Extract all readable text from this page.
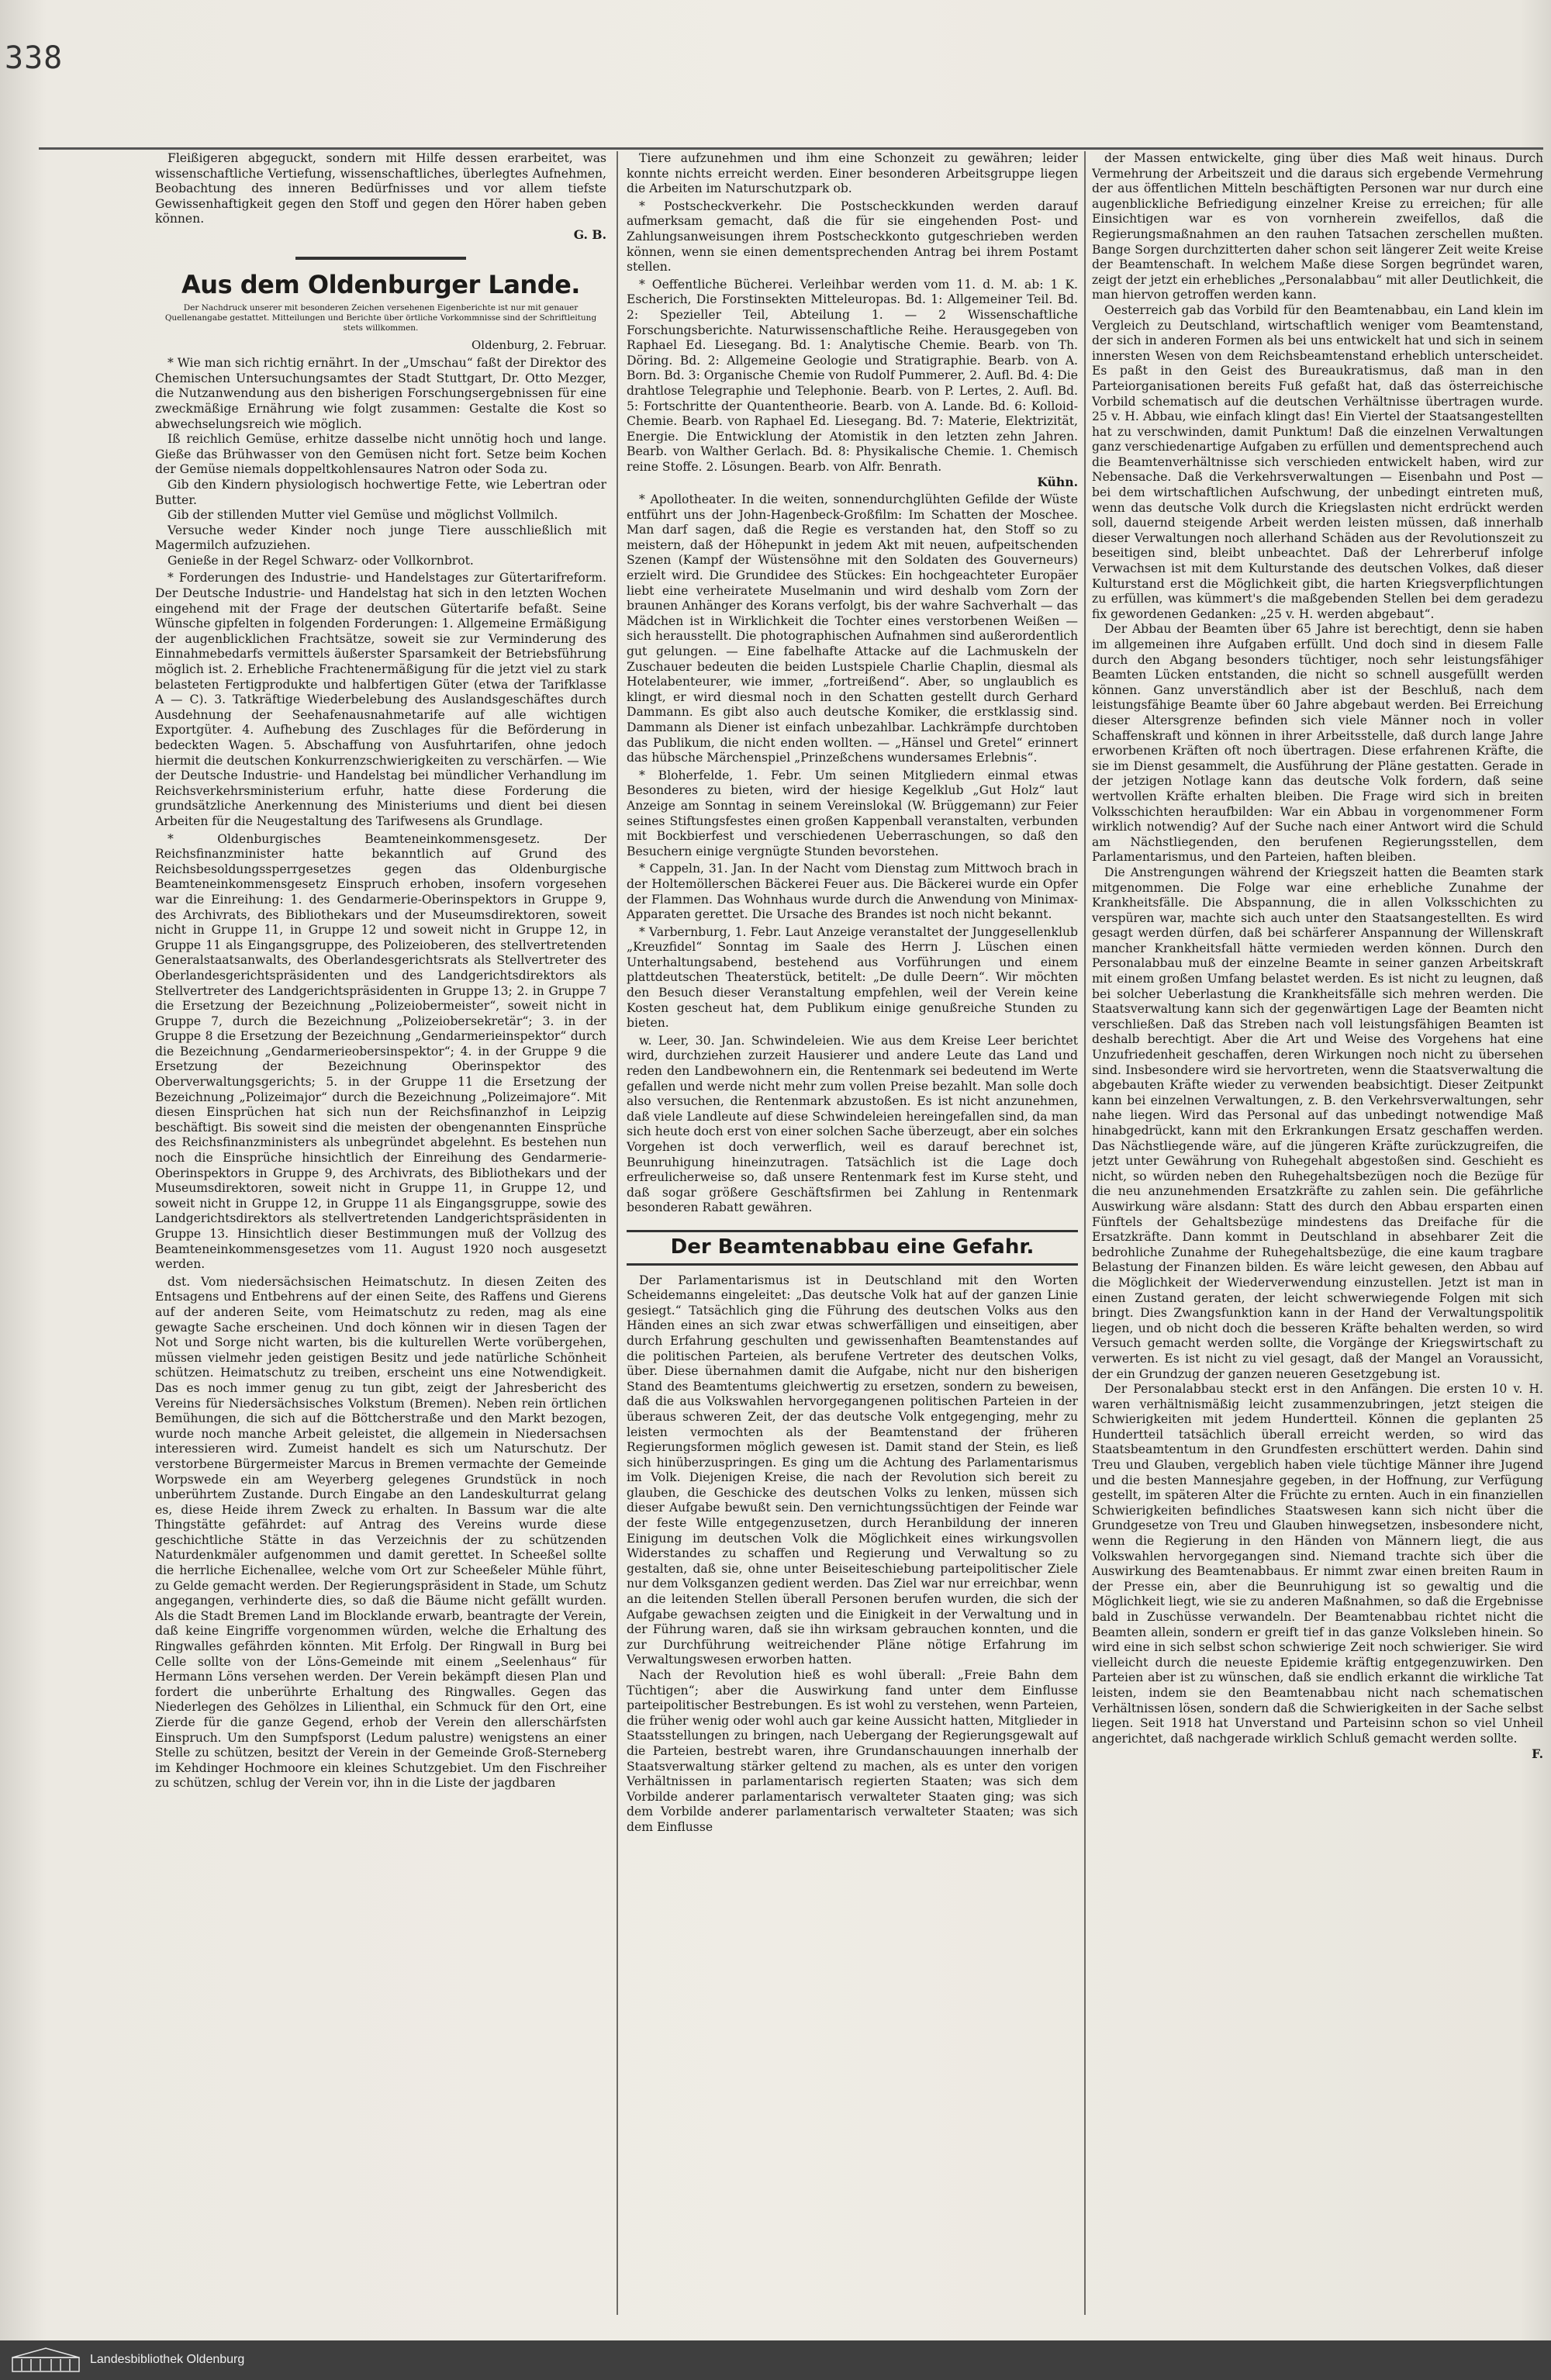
338

Fleißigeren abgeguckt, sondern mit Hilfe dessen erarbeitet, was wissenschaftliche Vertiefung, wissenschaftliches, überlegtes Aufnehmen, Beobachtung des inneren Bedürfnisses und vor allem tiefste Gewissenhaftigkeit gegen den Stoff und gegen den Hörer haben geben können.

G. B.
Aus dem Oldenburger Lande.
Der Nachdruck unserer mit besonderen Zeichen versehenen Eigenberichte ist nur mit genauer Quellenangabe gestattet. Mitteilungen und Berichte über örtliche Vorkommnisse sind der Schriftleitung stets willkommen.
Oldenburg, 2. Februar.

* Wie man sich richtig ernährt. In der „Umschau“ faßt der Direktor des Chemischen Untersuchungsamtes der Stadt Stuttgart, Dr. Otto Mezger, die Nutzanwendung aus den bisherigen Forschungsergebnissen für eine zweckmäßige Ernährung wie folgt zusammen: Gestalte die Kost so abwechselungsreich wie möglich.

Iß reichlich Gemüse, erhitze dasselbe nicht unnötig hoch und lange. Gieße das Brühwasser von den Gemüsen nicht fort. Setze beim Kochen der Gemüse niemals doppeltkohlensaures Natron oder Soda zu.

Gib den Kindern physiologisch hochwertige Fette, wie Lebertran oder Butter.

Gib der stillenden Mutter viel Gemüse und möglichst Vollmilch.

Versuche weder Kinder noch junge Tiere ausschließlich mit Magermilch aufzuziehen.

Genieße in der Regel Schwarz- oder Vollkornbrot.

* Forderungen des Industrie- und Handelstages zur Gütertarifreform. Der Deutsche Industrie- und Handelstag hat sich in den letzten Wochen eingehend mit der Frage der deutschen Gütertarife befaßt. Seine Wünsche gipfelten in folgenden Forderungen: 1. Allgemeine Ermäßigung der augenblicklichen Frachtsätze, soweit sie zur Verminderung des Einnahmebedarfs vermittels äußerster Sparsamkeit der Betriebsführung möglich ist. 2. Erhebliche Frachtenermäßigung für die jetzt viel zu stark belasteten Fertigprodukte und halbfertigen Güter (etwa der Tarifklasse A — C). 3. Tatkräftige Wiederbelebung des Auslandsgeschäftes durch Ausdehnung der Seehafenausnahmetarife auf alle wichtigen Exportgüter. 4. Aufhebung des Zuschlages für die Beförderung in bedeckten Wagen. 5. Abschaffung von Ausfuhrtarifen, ohne jedoch hiermit die deutschen Konkurrenzschwierigkeiten zu verschärfen. — Wie der Deutsche Industrie- und Handelstag bei mündlicher Verhandlung im Reichsverkehrsministerium erfuhr, hatte diese Forderung die grundsätzliche Anerkennung des Ministeriums und dient bei diesen Arbeiten für die Neugestaltung des Tarifwesens als Grundlage.

* Oldenburgisches Beamteneinkommensgesetz. Der Reichsfinanzminister hatte bekanntlich auf Grund des Reichsbesoldungssperrgesetzes gegen das Oldenburgische Beamteneinkommensgesetz Einspruch erhoben, insofern vorgesehen war die Einreihung: 1. des Gendarmerie-Oberinspektors in Gruppe 9, des Archivrats, des Bibliothekars und der Museumsdirektoren, soweit nicht in Gruppe 11, in Gruppe 12 und soweit nicht in Gruppe 12, in Gruppe 11 als Eingangsgruppe, des Polizeioberen, des stellvertretenden Generalstaatsanwalts, des Oberlandesgerichtsrats als Stellvertreter des Oberlandesgerichtspräsidenten und des Landgerichtsdirektors als Stellvertreter des Landgerichtspräsidenten in Gruppe 13; 2. in Gruppe 7 die Ersetzung der Bezeichnung „Polizeiobermeister“, soweit nicht in Gruppe 7, durch die Bezeichnung „Polizeiobersekretär“; 3. in der Gruppe 8 die Ersetzung der Bezeichnung „Gendarmerieinspektor“ durch die Bezeichnung „Gendarmerieobersinspektor“; 4. in der Gruppe 9 die Ersetzung der Bezeichnung Oberinspektor des Oberverwaltungsgerichts; 5. in der Gruppe 11 die Ersetzung der Bezeichnung „Polizeimajor“ durch die Bezeichnung „Polizeimajore“. Mit diesen Einsprüchen hat sich nun der Reichsfinanzhof in Leipzig beschäftigt. Bis soweit sind die meisten der obengenannten Einsprüche des Reichsfinanzministers als unbegründet abgelehnt. Es bestehen nun noch die Einsprüche hinsichtlich der Einreihung des Gendarmerie-Oberinspektors in Gruppe 9, des Archivrats, des Bibliothekars und der Museumsdirektoren, soweit nicht in Gruppe 11, in Gruppe 12, und soweit nicht in Gruppe 12, in Gruppe 11 als Eingangsgruppe, sowie des Landgerichtsdirektors als stellvertretenden Landgerichtspräsidenten in Gruppe 13. Hinsichtlich dieser Bestimmungen muß der Vollzug des Beamteneinkommensgesetzes vom 11. August 1920 noch ausgesetzt werden.

dst. Vom niedersächsischen Heimatschutz. In diesen Zeiten des Entsagens und Entbehrens auf der einen Seite, des Raffens und Gierens auf der anderen Seite, vom Heimatschutz zu reden, mag als eine gewagte Sache erscheinen. Und doch können wir in diesen Tagen der Not und Sorge nicht warten, bis die kulturellen Werte vorübergehen, müssen vielmehr jeden geistigen Besitz und jede natürliche Schönheit schützen. Heimatschutz zu treiben, erscheint uns eine Notwendigkeit. Das es noch immer genug zu tun gibt, zeigt der Jahresbericht des Vereins für Niedersächsisches Volkstum (Bremen). Neben rein örtlichen Bemühungen, die sich auf die Böttcherstraße und den Markt bezogen, wurde noch manche Arbeit geleistet, die allgemein in Niedersachsen interessieren wird. Zumeist handelt es sich um Naturschutz. Der verstorbene Bürgermeister Marcus in Bremen vermachte der Gemeinde Worpswede ein am Weyerberg gelegenes Grundstück in noch unberührtem Zustande. Durch Eingabe an den Landeskulturrat gelang es, diese Heide ihrem Zweck zu erhalten. In Bassum war die alte Thingstätte gefährdet: auf Antrag des Vereins wurde diese geschichtliche Stätte in das Verzeichnis der zu schützenden Naturdenkmäler aufgenommen und damit gerettet. In Scheeßel sollte die herrliche Eichenallee, welche vom Ort zur Scheeßeler Mühle führt, zu Gelde gemacht werden. Der Regierungspräsident in Stade, um Schutz angegangen, verhinderte dies, so daß die Bäume nicht gefällt wurden. Als die Stadt Bremen Land im Blocklande erwarb, beantragte der Verein, daß keine Eingriffe vorgenommen würden, welche die Erhaltung des Ringwalles gefährden könnten. Mit Erfolg. Der Ringwall in Burg bei Celle sollte von der Löns-Gemeinde mit einem „Seelenhaus“ für Hermann Löns versehen werden. Der Verein bekämpft diesen Plan und fordert die unberührte Erhaltung des Ringwalles. Gegen das Niederlegen des Gehölzes in Lilienthal, ein Schmuck für den Ort, eine Zierde für die ganze Gegend, erhob der Verein den allerschärfsten Einspruch. Um den Sumpfsporst (Ledum palustre) wenigstens an einer Stelle zu schützen, besitzt der Verein in der Gemeinde Groß-Sterneberg im Kehdinger Hochmoore ein kleines Schutzgebiet. Um den Fischreiher zu schützen, schlug der Verein vor, ihn in die Liste der jagdbaren

Tiere aufzunehmen und ihm eine Schonzeit zu gewähren; leider konnte nichts erreicht werden. Einer besonderen Arbeitsgruppe liegen die Arbeiten im Naturschutzpark ob.

* Postscheckverkehr. Die Postscheckkunden werden darauf aufmerksam gemacht, daß die für sie eingehenden Post- und Zahlungsanweisungen ihrem Postscheckkonto gutgeschrieben werden können, wenn sie einen dementsprechenden Antrag bei ihrem Postamt stellen.

* Oeffentliche Bücherei. Verleihbar werden vom 11. d. M. ab: 1 K. Escherich, Die Forstinsekten Mitteleuropas. Bd. 1: Allgemeiner Teil. Bd. 2: Spezieller Teil, Abteilung 1. — 2 Wissenschaftliche Forschungsberichte. Naturwissenschaftliche Reihe. Herausgegeben von Raphael Ed. Liesegang. Bd. 1: Analytische Chemie. Bearb. von Th. Döring. Bd. 2: Allgemeine Geologie und Stratigraphie. Bearb. von A. Born. Bd. 3: Organische Chemie von Rudolf Pummerer, 2. Aufl. Bd. 4: Die drahtlose Telegraphie und Telephonie. Bearb. von P. Lertes, 2. Aufl. Bd. 5: Fortschritte der Quantentheorie. Bearb. von A. Lande. Bd. 6: Kolloid-Chemie. Bearb. von Raphael Ed. Liesegang. Bd. 7: Materie, Elektrizität, Energie. Die Entwicklung der Atomistik in den letzten zehn Jahren. Bearb. von Walther Gerlach. Bd. 8: Physikalische Chemie. 1. Chemisch reine Stoffe. 2. Lösungen. Bearb. von Alfr. Benrath.

Kühn.

* Apollotheater. In die weiten, sonnendurchglühten Gefilde der Wüste entführt uns der John-Hagenbeck-Großfilm: Im Schatten der Moschee. Man darf sagen, daß die Regie es verstanden hat, den Stoff so zu meistern, daß der Höhepunkt in jedem Akt mit neuen, aufpeitschenden Szenen (Kampf der Wüstensöhne mit den Soldaten des Gouverneurs) erzielt wird. Die Grundidee des Stückes: Ein hochgeachteter Europäer liebt eine verheiratete Muselmanin und wird deshalb vom Zorn der braunen Anhänger des Korans verfolgt, bis der wahre Sachverhalt — das Mädchen ist in Wirklichkeit die Tochter eines verstorbenen Weißen — sich herausstellt. Die photographischen Aufnahmen sind außerordentlich gut gelungen. — Eine fabelhafte Attacke auf die Lachmuskeln der Zuschauer bedeuten die beiden Lustspiele Charlie Chaplin, diesmal als Hotelabenteurer, wie immer, „fortreißend“. Aber, so unglaublich es klingt, er wird diesmal noch in den Schatten gestellt durch Gerhard Dammann. Es gibt also auch deutsche Komiker, die erstklassig sind. Dammann als Diener ist einfach unbezahlbar. Lachkrämpfe durchtoben das Publikum, die nicht enden wollten. — „Hänsel und Gretel“ erinnert das hübsche Märchenspiel „Prinzeßchens wundersames Erlebnis“.

* Bloherfelde, 1. Febr. Um seinen Mitgliedern einmal etwas Besonderes zu bieten, wird der hiesige Kegelklub „Gut Holz“ laut Anzeige am Sonntag in seinem Vereinslokal (W. Brüggemann) zur Feier seines Stiftungsfestes einen großen Kappenball veranstalten, verbunden mit Bockbierfest und verschiedenen Ueberraschungen, so daß den Besuchern einige vergnügte Stunden bevorstehen.

* Cappeln, 31. Jan. In der Nacht vom Dienstag zum Mittwoch brach in der Holtemöllerschen Bäckerei Feuer aus. Die Bäckerei wurde ein Opfer der Flammen. Das Wohnhaus wurde durch die Anwendung von Minimax-Apparaten gerettet. Die Ursache des Brandes ist noch nicht bekannt.

* Varbernburg, 1. Febr. Laut Anzeige veranstaltet der Junggesellenklub „Kreuzfidel“ Sonntag im Saale des Herrn J. Lüschen einen Unterhaltungsabend, bestehend aus Vorführungen und einem plattdeutschen Theaterstück, betitelt: „De dulle Deern“. Wir möchten den Besuch dieser Veranstaltung empfehlen, weil der Verein keine Kosten gescheut hat, dem Publikum einige genußreiche Stunden zu bieten.

w. Leer, 30. Jan. Schwindeleien. Wie aus dem Kreise Leer berichtet wird, durchziehen zurzeit Hausierer und andere Leute das Land und reden den Landbewohnern ein, die Rentenmark sei bedeutend im Werte gefallen und werde nicht mehr zum vollen Preise bezahlt. Man solle doch also versuchen, die Rentenmark abzustoßen. Es ist nicht anzunehmen, daß viele Landleute auf diese Schwindeleien hereingefallen sind, da man sich heute doch erst von einer solchen Sache überzeugt, aber ein solches Vorgehen ist doch verwerflich, weil es darauf berechnet ist, Beunruhigung hineinzutragen. Tatsächlich ist die Lage doch erfreulicherweise so, daß unsere Rentenmark fest im Kurse steht, und daß sogar größere Geschäftsfirmen bei Zahlung in Rentenmark besonderen Rabatt gewähren.

Der Beamtenabbau eine Gefahr.

Der Parlamentarismus ist in Deutschland mit den Worten Scheidemanns eingeleitet: „Das deutsche Volk hat auf der ganzen Linie gesiegt.“ Tatsächlich ging die Führung des deutschen Volks aus den Händen eines an sich zwar etwas schwerfälligen und einseitigen, aber durch Erfahrung geschulten und gewissenhaften Beamtenstandes auf die politischen Parteien, als berufene Vertreter des deutschen Volks, über. Diese übernahmen damit die Aufgabe, nicht nur den bisherigen Stand des Beamtentums gleichwertig zu ersetzen, sondern zu beweisen, daß die aus Volkswahlen hervorgegangenen politischen Parteien in der überaus schweren Zeit, der das deutsche Volk entgegenging, mehr zu leisten vermochten als der Beamtenstand der früheren Regierungsformen möglich gewesen ist. Damit stand der Stein, es ließ sich hinüberzuspringen. Es ging um die Achtung des Parlamentarismus im Volk. Diejenigen Kreise, die nach der Revolution sich bereit zu glauben, die Geschicke des deutschen Volks zu lenken, müssen sich dieser Aufgabe bewußt sein. Den vernichtungssüchtigen der Feinde war der feste Wille entgegenzusetzen, durch Heranbildung der inneren Einigung im deutschen Volk die Möglichkeit eines wirkungsvollen Widerstandes zu schaffen und Regierung und Verwaltung so zu gestalten, daß sie, ohne unter Beiseiteschiebung parteipolitischer Ziele nur dem Volksganzen gedient werden. Das Ziel war nur erreichbar, wenn an die leitenden Stellen überall Personen berufen wurden, die sich der Aufgabe gewachsen zeigten und die Einigkeit in der Verwaltung und in der Führung waren, daß sie ihn wirksam gebrauchen konnten, und die zur Durchführung weitreichender Pläne nötige Erfahrung im Verwaltungswesen erworben hatten.

Nach der Revolution hieß es wohl überall: „Freie Bahn dem Tüchtigen“; aber die Auswirkung fand unter dem Einflusse parteipolitischer Bestrebungen. Es ist wohl zu verstehen, wenn Parteien, die früher wenig oder wohl auch gar keine Aussicht hatten, Mitglieder in Staatsstellungen zu bringen, nach Uebergang der Regierungsgewalt auf die Parteien, bestrebt waren, ihre Grundanschauungen innerhalb der Staatsverwaltung stärker geltend zu machen, als es unter den vorigen Verhältnissen in parlamentarisch regierten Staaten; was sich dem Vorbilde anderer parlamentarisch verwalteter Staaten ging; was sich dem Vorbilde anderer parlamentarisch verwalteter Staaten; was sich dem Einflusse

der Massen entwickelte, ging über dies Maß weit hinaus. Durch Vermehrung der Arbeitszeit und die daraus sich ergebende Vermehrung der aus öffentlichen Mitteln beschäftigten Personen war nur durch eine augenblickliche Befriedigung einzelner Kreise zu erreichen; für alle Einsichtigen war es von vornherein zweifellos, daß die Regierungsmaßnahmen an den rauhen Tatsachen zerschellen mußten. Bange Sorgen durchzitterten daher schon seit längerer Zeit weite Kreise der Beamtenschaft. In welchem Maße diese Sorgen begründet waren, zeigt der jetzt ein erhebliches „Personalabbau“ mit aller Deutlichkeit, die man hiervon getroffen werden kann.

Oesterreich gab das Vorbild für den Beamtenabbau, ein Land klein im Vergleich zu Deutschland, wirtschaftlich weniger vom Beamtenstand, der sich in anderen Formen als bei uns entwickelt hat und sich in seinem innersten Wesen von dem Reichsbeamtenstand erheblich unterscheidet. Es paßt in den Geist des Bureaukratismus, daß man in den Parteiorganisationen bereits Fuß gefaßt hat, daß das österreichische Vorbild schematisch auf die deutschen Verhältnisse übertragen wurde. 25 v. H. Abbau, wie einfach klingt das! Ein Viertel der Staatsangestellten hat zu verschwinden, damit Punktum! Daß die einzelnen Verwaltungen ganz verschiedenartige Aufgaben zu erfüllen und dementsprechend auch die Beamtenverhältnisse sich verschieden entwickelt haben, wird zur Nebensache. Daß die Verkehrsverwaltungen — Eisenbahn und Post — bei dem wirtschaftlichen Aufschwung, der unbedingt eintreten muß, wenn das deutsche Volk durch die Kriegslasten nicht erdrückt werden soll, dauernd steigende Arbeit werden leisten müssen, daß innerhalb dieser Verwaltungen noch allerhand Schäden aus der Revolutionszeit zu beseitigen sind, bleibt unbeachtet. Daß der Lehrerberuf infolge Verwachsen ist mit dem Kulturstande des deutschen Volkes, daß dieser Kulturstand erst die Möglichkeit gibt, die harten Kriegsverpflichtungen zu erfüllen, was kümmert's die maßgebenden Stellen bei dem geradezu fix gewordenen Gedanken: „25 v. H. werden abgebaut“.

Der Abbau der Beamten über 65 Jahre ist berechtigt, denn sie haben im allgemeinen ihre Aufgaben erfüllt. Und doch sind in diesem Falle durch den Abgang besonders tüchtiger, noch sehr leistungsfähiger Beamten Lücken entstanden, die nicht so schnell ausgefüllt werden können. Ganz unverständlich aber ist der Beschluß, nach dem leistungsfähige Beamte über 60 Jahre abgebaut werden. Bei Erreichung dieser Altersgrenze befinden sich viele Männer noch in voller Schaffenskraft und können in ihrer Arbeitsstelle, daß durch lange Jahre erworbenen Kräften oft noch übertragen. Diese erfahrenen Kräfte, die sie im Dienst gesammelt, die Ausführung der Pläne gestatten. Gerade in der jetzigen Notlage kann das deutsche Volk fordern, daß seine wertvollen Kräfte erhalten bleiben. Die Frage wird sich in breiten Volksschichten heraufbilden: War ein Abbau in vorgenommener Form wirklich notwendig? Auf der Suche nach einer Antwort wird die Schuld am Nächstliegenden, den berufenen Regierungsstellen, dem Parlamentarismus, und den Parteien, haften bleiben.

Die Anstrengungen während der Kriegszeit hatten die Beamten stark mitgenommen. Die Folge war eine erhebliche Zunahme der Krankheitsfälle. Die Abspannung, die in allen Volksschichten zu verspüren war, machte sich auch unter den Staatsangestellten. Es wird gesagt werden dürfen, daß bei schärferer Anspannung der Willenskraft mancher Krankheitsfall hätte vermieden werden können. Durch den Personalabbau muß der einzelne Beamte in seiner ganzen Arbeitskraft mit einem großen Umfang belastet werden. Es ist nicht zu leugnen, daß bei solcher Ueberlastung die Krankheitsfälle sich mehren werden. Die Staatsverwaltung kann sich der gegenwärtigen Lage der Beamten nicht verschließen. Daß das Streben nach voll leistungsfähigen Beamten ist deshalb berechtigt. Aber die Art und Weise des Vorgehens hat eine Unzufriedenheit geschaffen, deren Wirkungen noch nicht zu übersehen sind. Insbesondere wird sie hervortreten, wenn die Staatsverwaltung die abgebauten Kräfte wieder zu verwenden beabsichtigt. Dieser Zeitpunkt kann bei einzelnen Verwaltungen, z. B. den Verkehrsverwaltungen, sehr nahe liegen. Wird das Personal auf das unbedingt notwendige Maß hinabgedrückt, kann mit den Erkrankungen Ersatz geschaffen werden. Das Nächstliegende wäre, auf die jüngeren Kräfte zurückzugreifen, die jetzt unter Gewährung von Ruhegehalt abgestoßen sind. Geschieht es nicht, so würden neben den Ruhegehaltsbezügen noch die Bezüge für die neu anzunehmenden Ersatzkräfte zu zahlen sein. Die gefährliche Auswirkung wäre alsdann: Statt des durch den Abbau ersparten einen Fünftels der Gehaltsbezüge mindestens das Dreifache für die Ersatzkräfte. Dann kommt in Deutschland in absehbarer Zeit die bedrohliche Zunahme der Ruhegehaltsbezüge, die eine kaum tragbare Belastung der Finanzen bilden. Es wäre leicht gewesen, den Abbau auf die Möglichkeit der Wiederverwendung einzustellen. Jetzt ist man in einen Zustand geraten, der leicht schwerwiegende Folgen mit sich bringt. Dies Zwangsfunktion kann in der Hand der Verwaltungspolitik liegen, und ob nicht doch die besseren Kräfte behalten werden, so wird Versuch gemacht werden sollte, die Vorgänge der Kriegswirtschaft zu verwerten. Es ist nicht zu viel gesagt, daß der Mangel an Voraussicht, der ein Grundzug der ganzen neueren Gesetzgebung ist.

Der Personalabbau steckt erst in den Anfängen. Die ersten 10 v. H. waren verhältnismäßig leicht zusammenzubringen, jetzt steigen die Schwierigkeiten mit jedem Hundertteil. Können die geplanten 25 Hundertteil tatsächlich überall erreicht werden, so wird das Staatsbeamtentum in den Grundfesten erschüttert werden. Dahin sind Treu und Glauben, vergeblich haben viele tüchtige Männer ihre Jugend und die besten Mannesjahre gegeben, in der Hoffnung, zur Verfügung gestellt, im späteren Alter die Früchte zu ernten. Auch in ein finanziellen Schwierigkeiten befindliches Staatswesen kann sich nicht über die Grundgesetze von Treu und Glauben hinwegsetzen, insbesondere nicht, wenn die Regierung in den Händen von Männern liegt, die aus Volkswahlen hervorgegangen sind. Niemand trachte sich über die Auswirkung des Beamtenabbaus. Er nimmt zwar einen breiten Raum in der Presse ein, aber die Beunruhigung ist so gewaltig und die Möglichkeit liegt, wie sie zu anderen Maßnahmen, so daß die Ergebnisse bald in Zuschüsse verwandeln. Der Beamtenabbau richtet nicht die Beamten allein, sondern er greift tief in das ganze Volksleben hinein. So wird eine in sich selbst schon schwierige Zeit noch schwieriger. Sie wird vielleicht durch die neueste Epidemie kräftig entgegenzuwirken. Den Parteien aber ist zu wünschen, daß sie endlich erkannt die wirkliche Tat leisten, indem sie den Beamtenabbau nicht nach schematischen Verhältnissen lösen, sondern daß die Schwierigkeiten in der Sache selbst liegen. Seit 1918 hat Unverstand und Parteisinn schon so viel Unheil angerichtet, daß nachgerade wirklich Schluß gemacht werden sollte.

F.
Landesbibliothek Oldenburg
